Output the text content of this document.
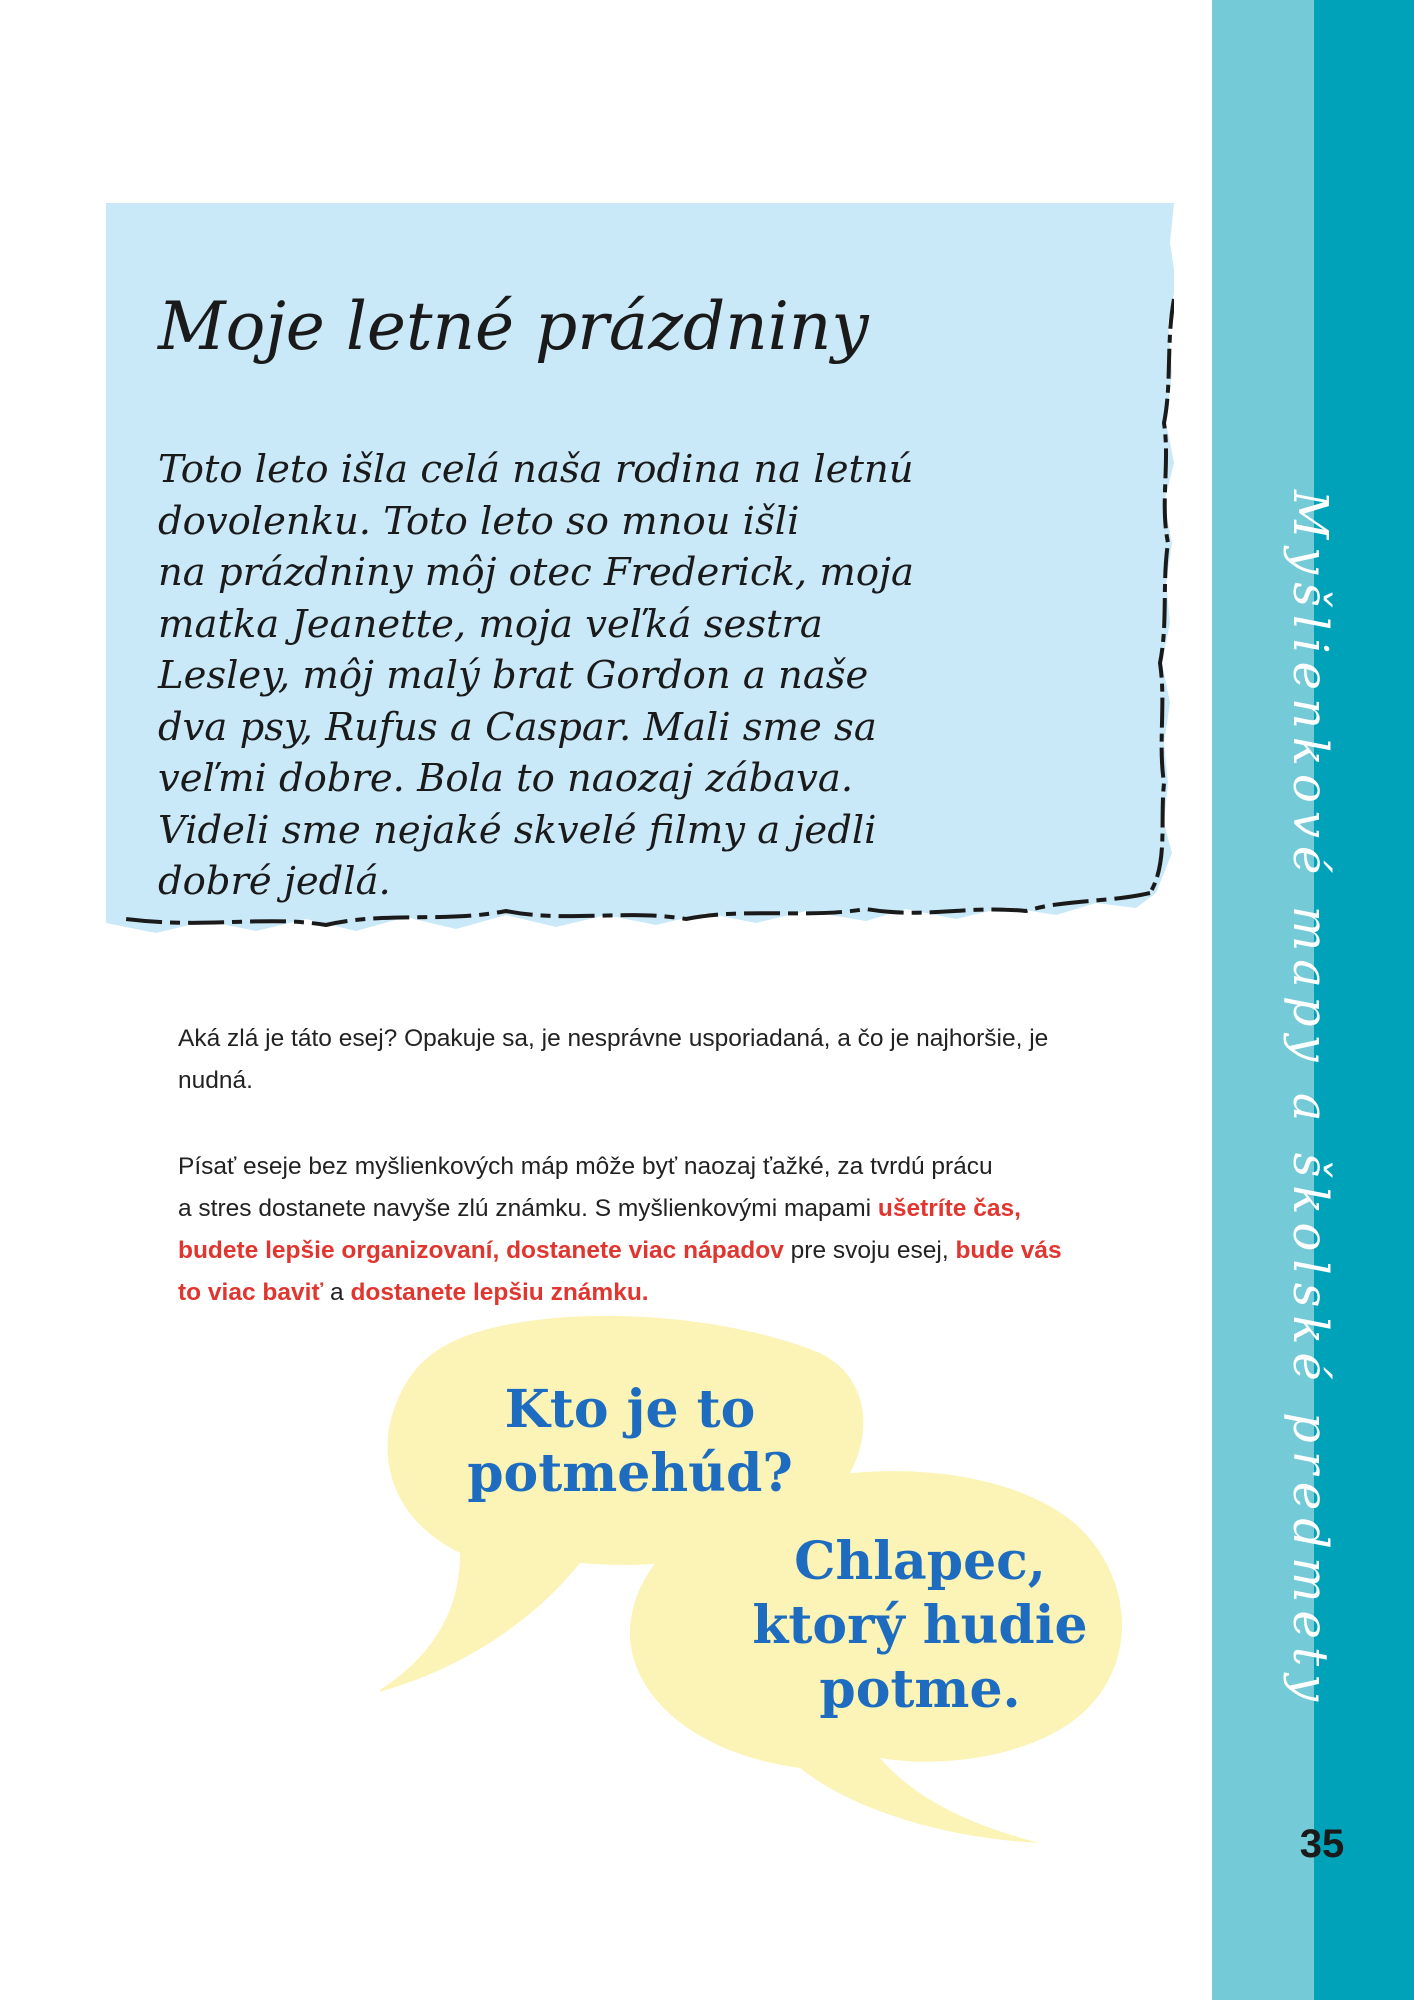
Myšlienkové mapy a školské predmety
35
Moje letné prázdniny
Toto leto išla celá naša rodina na letnú
dovolenku. Toto leto so mnou išli
na prázdniny môj otec Frederick, moja
matka Jeanette, moja veľká sestra
Lesley, môj malý brat Gordon a naše
dva psy, Rufus a Caspar. Mali sme sa
veľmi dobre. Bola to naozaj zábava.
Videli sme nejaké skvelé filmy a jedli
dobré jedlá.
Aká zlá je táto esej? Opakuje sa, je nesprávne usporiadaná, a čo je najhoršie, je
nudná.
Písať eseje bez myšlienkových máp môže byť naozaj ťažké, za tvrdú prácu
a stres dostanete navyše zlú známku. S myšlienkovými mapami ušetríte čas,
budete lepšie organizovaní, dostanete viac nápadov pre svoju esej, bude vás
to viac baviť a dostanete lepšiu známku.
Kto je to
potmehúd?
Chlapec,
ktorý hudie
potme.
